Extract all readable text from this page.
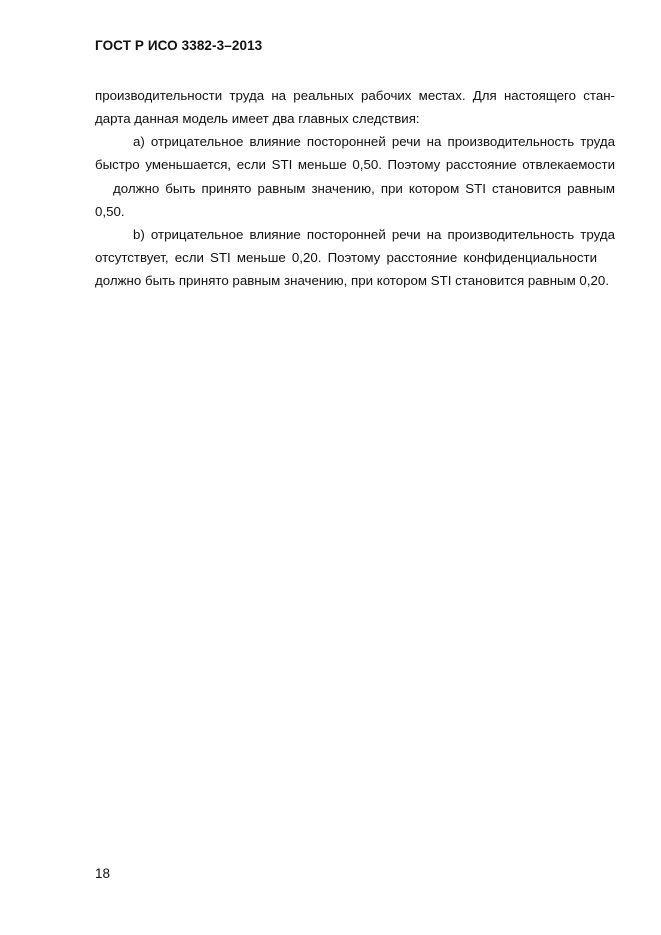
ГОСТ Р ИСО 3382-3–2013
производительности труда на реальных рабочих местах. Для настоящего стан-
дарта данная модель имеет два главных следствия:
а) отрицательное влияние посторонней речи на производительность труда
быстро уменьшается, если STI меньше 0,50. Поэтому расстояние отвлекаемости
должно быть принято равным значению, при котором STI становится равным
0,50.
b) отрицательное влияние посторонней речи на производительность труда
отсутствует, если STI меньше 0,20. Поэтому расстояние конфиденциальности
должно быть принято равным значению, при котором STI становится равным 0,20.
18
